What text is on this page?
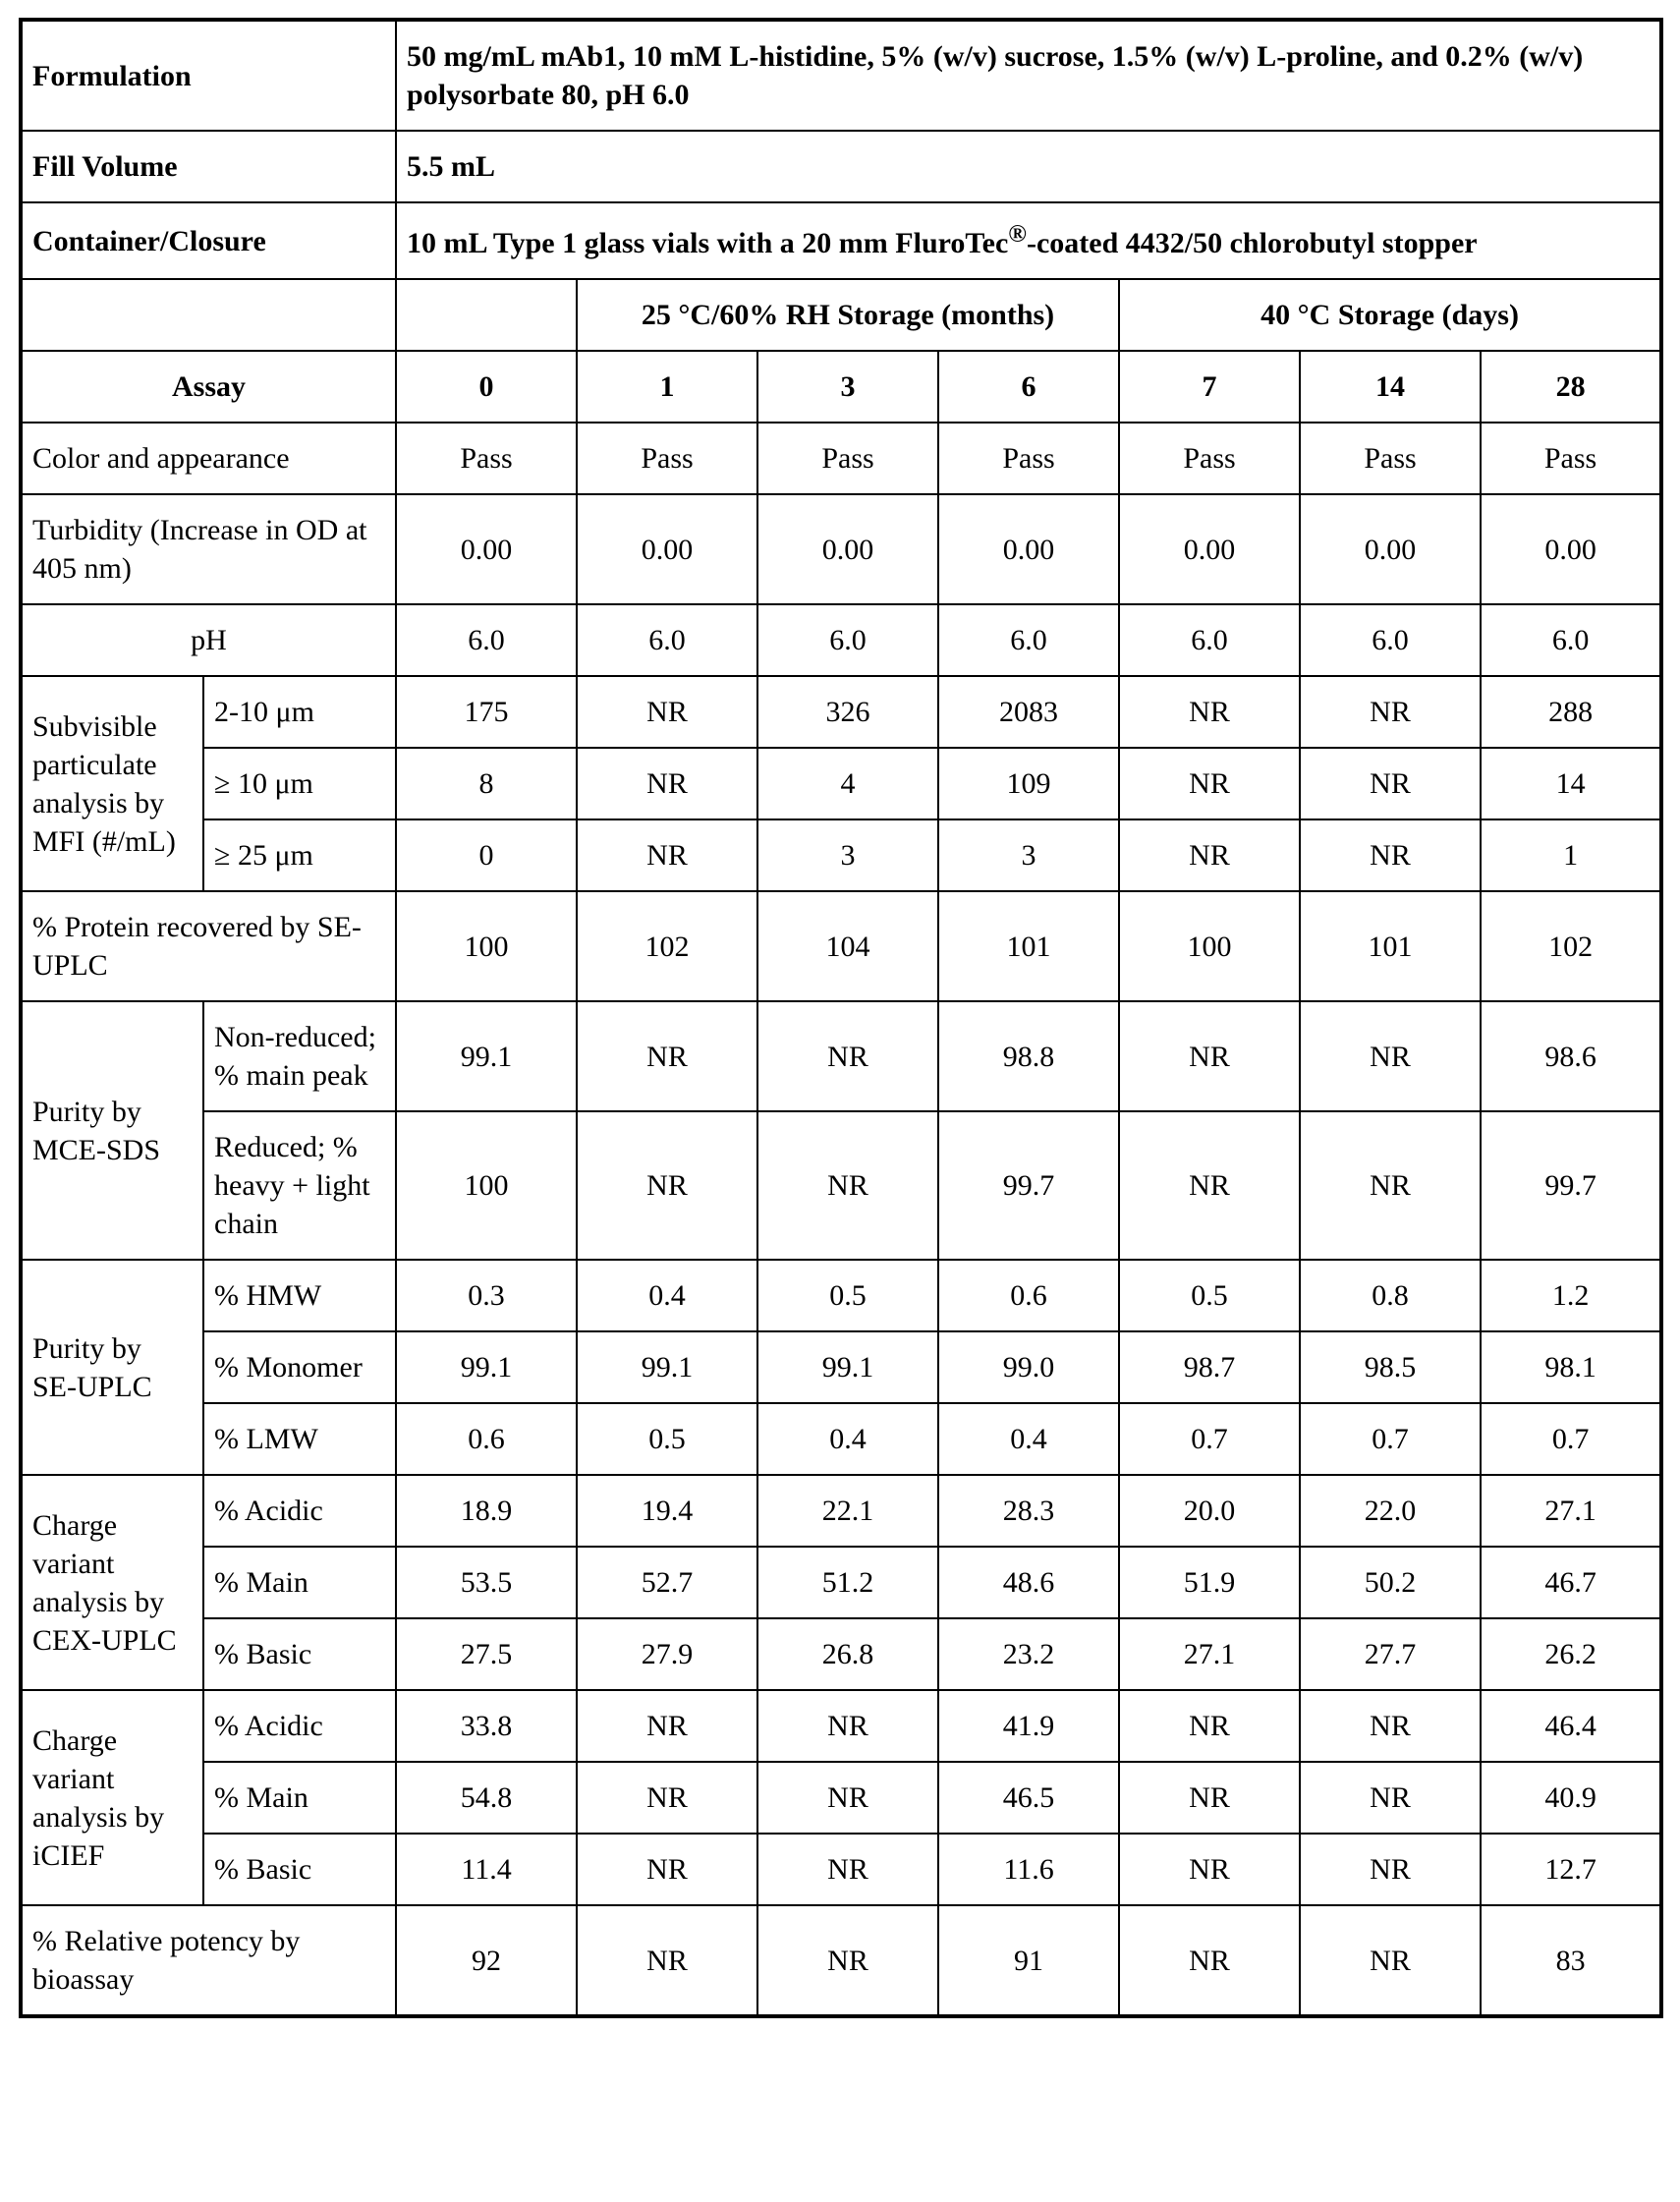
Formulation		50 mg/mL mAb1, 10 mM L-histidine, 5% (w/v) sucrose, 1.5% (w/v) L-proline, and 0.2% (w/v) polysorbate 80, pH 6.0						
Fill Volume		5.5 mL						
Container/Closure		10 mL Type 1 glass vials with a 20 mm FluroTec®-coated 4432/50 chlorobutyl stopper						
			25 °C/60% RH Storage (months)			40 °C Storage (days)		
Assay		0	1	3	6	7	14	28
Color and appearance		Pass	Pass	Pass	Pass	Pass	Pass	Pass
Turbidity (Increase in OD at 405 nm)		0.00	0.00	0.00	0.00	0.00	0.00	0.00
pH		6.0	6.0	6.0	6.0	6.0	6.0	6.0
Subvisible particulate analysis by MFI (#/mL)	2-10 μm	175	NR	326	2083	NR	NR	288
	≥ 10 μm	8	NR	4	109	NR	NR	14
	≥ 25 μm	0	NR	3	3	NR	NR	1
% Protein recovered by SE-UPLC		100	102	104	101	100	101	102
Purity by MCE-SDS	Non-reduced; % main peak	99.1	NR	NR	98.8	NR	NR	98.6
	Reduced; % heavy + light chain	100	NR	NR	99.7	NR	NR	99.7
Purity by SE-UPLC	% HMW	0.3	0.4	0.5	0.6	0.5	0.8	1.2
	% Monomer	99.1	99.1	99.1	99.0	98.7	98.5	98.1
	% LMW	0.6	0.5	0.4	0.4	0.7	0.7	0.7
Charge variant analysis by CEX-UPLC	% Acidic	18.9	19.4	22.1	28.3	20.0	22.0	27.1
	% Main	53.5	52.7	51.2	48.6	51.9	50.2	46.7
	% Basic	27.5	27.9	26.8	23.2	27.1	27.7	26.2
Charge variant analysis by iCIEF	% Acidic	33.8	NR	NR	41.9	NR	NR	46.4
	% Main	54.8	NR	NR	46.5	NR	NR	40.9
	% Basic	11.4	NR	NR	11.6	NR	NR	12.7
% Relative potency by bioassay		92	NR	NR	91	NR	NR	83
